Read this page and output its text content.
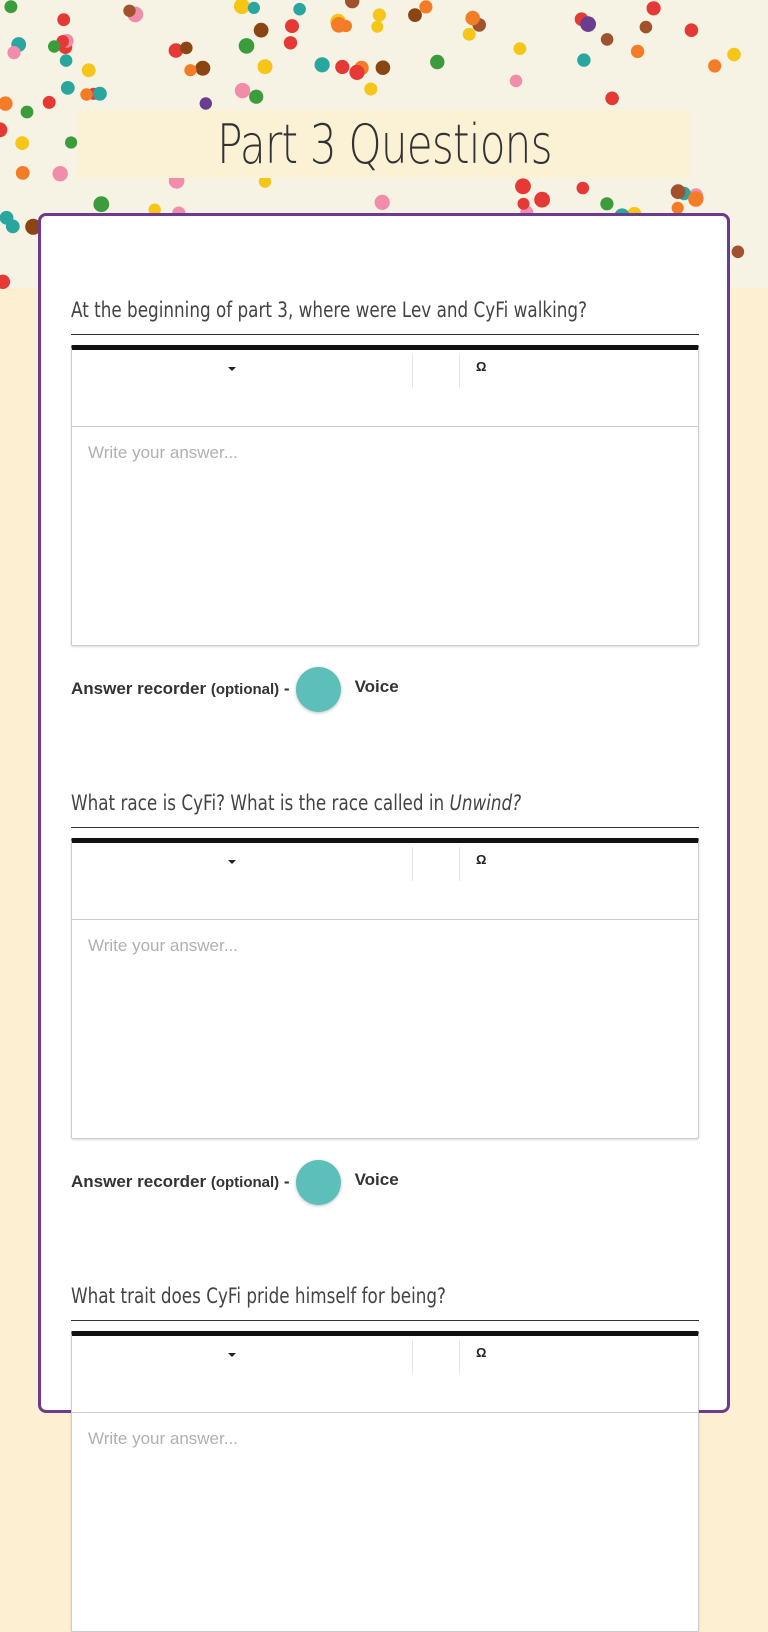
Part 3 Questions
At the beginning of part 3, where were Lev and CyFi walking?
Ω
Write your answer...
Answer recorder (optional) -	Voice
What race is CyFi? What is the race called in Unwind?
Ω
Write your answer...
Answer recorder (optional) -	Voice
What trait does CyFi pride himself for being?
Ω
Write your answer...
